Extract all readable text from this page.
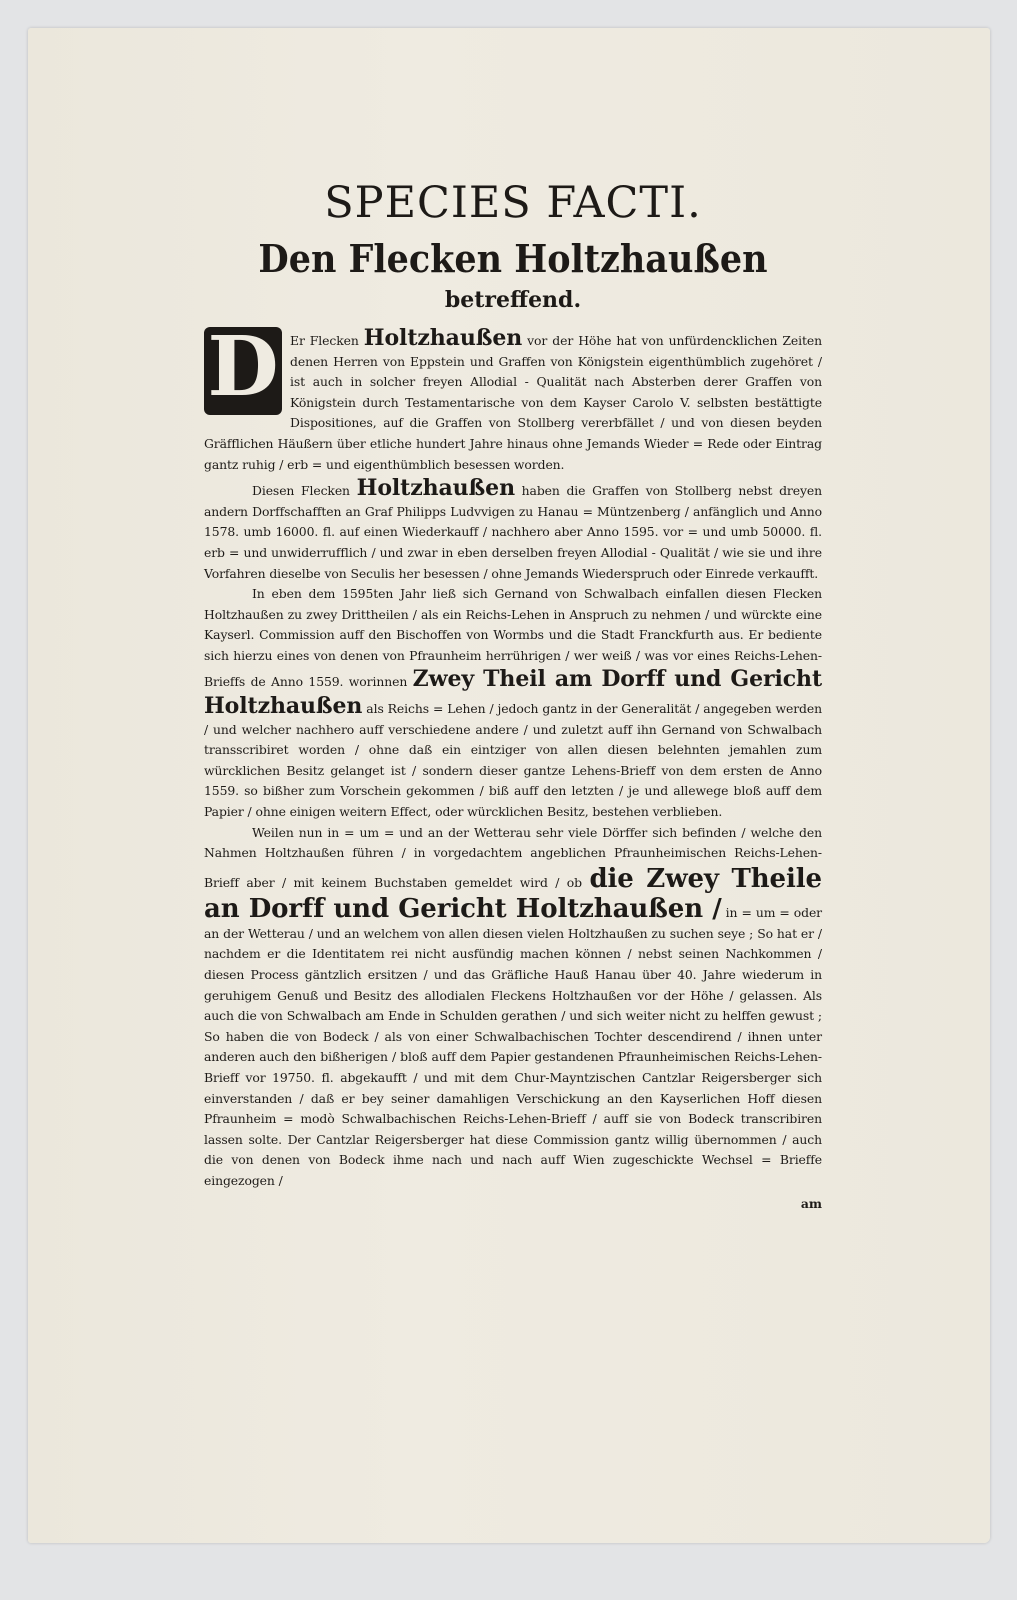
SPECIES FACTI.
Den Flecken Holtzhaußen
betreffend.

D Er Flecken Holtzhaußen vor der Höhe hat von unfürdencklichen Zeiten denen Herren von Eppstein und Graffen von Königstein eigenthümblich zugehöret / ist auch in solcher freyen Allodial - Qualität nach Absterben derer Graffen von Königstein durch Testamentarische von dem Kayser Carolo V. selbsten bestättigte Dispositiones, auf die Graffen von Stollberg vererbfället / und von diesen beyden Gräfflichen Häußern über etliche hundert Jahre hinaus ohne Jemands Wieder = Rede oder Eintrag gantz ruhig / erb = und eigenthümblich besessen worden.

Diesen Flecken Holtzhaußen haben die Graffen von Stollberg nebst dreyen andern Dorffschafften an Graf Philipps Ludvvigen zu Hanau = Müntzenberg / anfänglich und Anno 1578. umb 16000. fl. auf einen Wiederkauff / nachhero aber Anno 1595. vor = und umb 50000. fl. erb = und unwiderrufflich / und zwar in eben derselben freyen Allodial - Qualität / wie sie und ihre Vorfahren dieselbe von Seculis her besessen / ohne Jemands Wiederspruch oder Einrede verkaufft.

In eben dem 1595ten Jahr ließ sich Gernand von Schwalbach einfallen diesen Flecken Holtzhaußen zu zwey Drittheilen / als ein Reichs-Lehen in Anspruch zu nehmen / und würckte eine Kayserl. Commission auff den Bischoffen von Wormbs und die Stadt Franckfurth aus. Er bediente sich hierzu eines von denen von Pfraunheim herrührigen / wer weiß / was vor eines Reichs-Lehen-Brieffs de Anno 1559. worinnen Zwey Theil am Dorff und Gericht Holtzhaußen als Reichs = Lehen / jedoch gantz in der Generalität / angegeben werden / und welcher nachhero auff verschiedene andere / und zuletzt auff ihn Gernand von Schwalbach transscribiret worden / ohne daß ein eintziger von allen diesen belehnten jemahlen zum würcklichen Besitz gelanget ist / sondern dieser gantze Lehens-Brieff von dem ersten de Anno 1559. so bißher zum Vorschein gekommen / biß auff den letzten / je und allewege bloß auff dem Papier / ohne einigen weitern Effect, oder würcklichen Besitz, bestehen verblieben.

Weilen nun in = um = und an der Wetterau sehr viele Dörffer sich befinden / welche den Nahmen Holtzhaußen führen / in vorgedachtem angeblichen Pfraunheimischen Reichs-Lehen-Brieff aber / mit keinem Buchstaben gemeldet wird / ob die Zwey Theile an Dorff und Gericht Holtzhaußen / in = um = oder an der Wetterau / und an welchem von allen diesen vielen Holtzhaußen zu suchen seye ; So hat er / nachdem er die Identitatem rei nicht ausfündig machen können / nebst seinen Nachkommen / diesen Process gäntzlich ersitzen / und das Gräfliche Hauß Hanau über 40. Jahre wiederum in geruhigem Genuß und Besitz des allodialen Fleckens Holtzhaußen vor der Höhe / gelassen. Als auch die von Schwalbach am Ende in Schulden gerathen / und sich weiter nicht zu helffen gewust ; So haben die von Bodeck / als von einer Schwalbachischen Tochter descendirend / ihnen unter anderen auch den bißherigen / bloß auff dem Papier gestandenen Pfraunheimischen Reichs-Lehen-Brieff vor 19750. fl. abgekaufft / und mit dem Chur-Mayntzischen Cantzlar Reigersberger sich einverstanden / daß er bey seiner damahligen Verschickung an den Kayserlichen Hoff diesen Pfraunheim = modò Schwalbachischen Reichs-Lehen-Brieff / auff sie von Bodeck transcribiren lassen solte. Der Cantzlar Reigersberger hat diese Commission gantz willig übernommen / auch die von denen von Bodeck ihme nach und nach auff Wien zugeschickte Wechsel = Brieffe eingezogen /

am
